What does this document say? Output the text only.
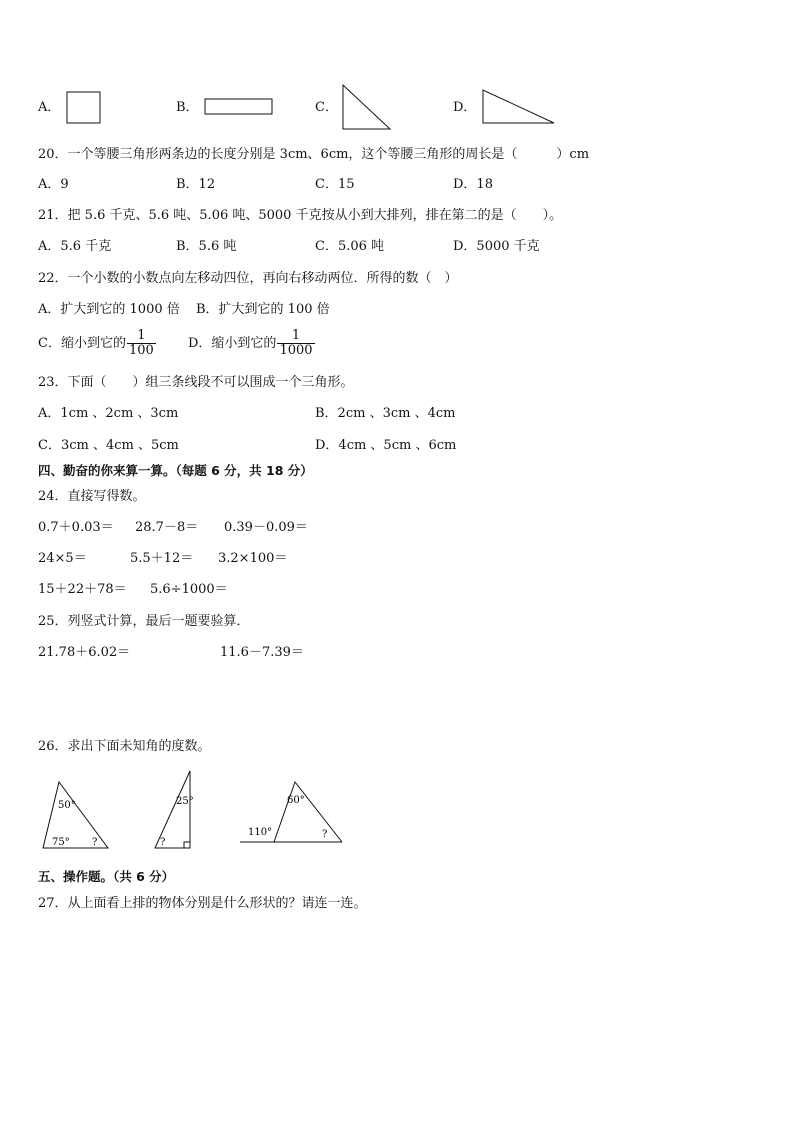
A．	B．	C．	D．
20．一个等腰三角形两条边的长度分别是 3cm、6cm，这个等腰三角形的周长是（　　　）cm
A．9	B．12	C．15	D．18
21．把 5.6 千克、5.6 吨、5.06 吨、5000 千克按从小到大排列，排在第二的是（　　）。
A．5.6 千克	B．5.6 吨	C．5.06 吨	D．5000 千克
22．一个小数的小数点向左移动四位，再向右移动两位．所得的数（　）
A．扩大到它的 1000 倍 B．扩大到它的 100 倍
C．缩小到它的 $\frac{1}{100}$ D．缩小到它的 $\frac{1}{1000}$
23．下面（　　）组三条线段不可以围成一个三角形。
A．1cm 、2cm 、3cm	B．2cm 、3cm 、4cm
C．3cm 、4cm 、5cm	D．4cm 、5cm 、6cm
四、勤奋的你来算一算。（每题 6 分，共 18 分）
24．直接写得数。
0.7＋0.03＝ 28.7－8＝ 0.39－0.09＝
24×5＝	5.5＋12＝ 3.2×100＝
15＋22＋78＝ 5.6÷1000＝
25．列竖式计算，最后一题要验算．
21.78＋6.02＝	11.6－7.39＝
26．求出下面未知角的度数。
50°
75° ?
25°
?
60°
110°	?
五、操作题。（共 6 分）
27．从上面看上排的物体分别是什么形状的？请连一连。
